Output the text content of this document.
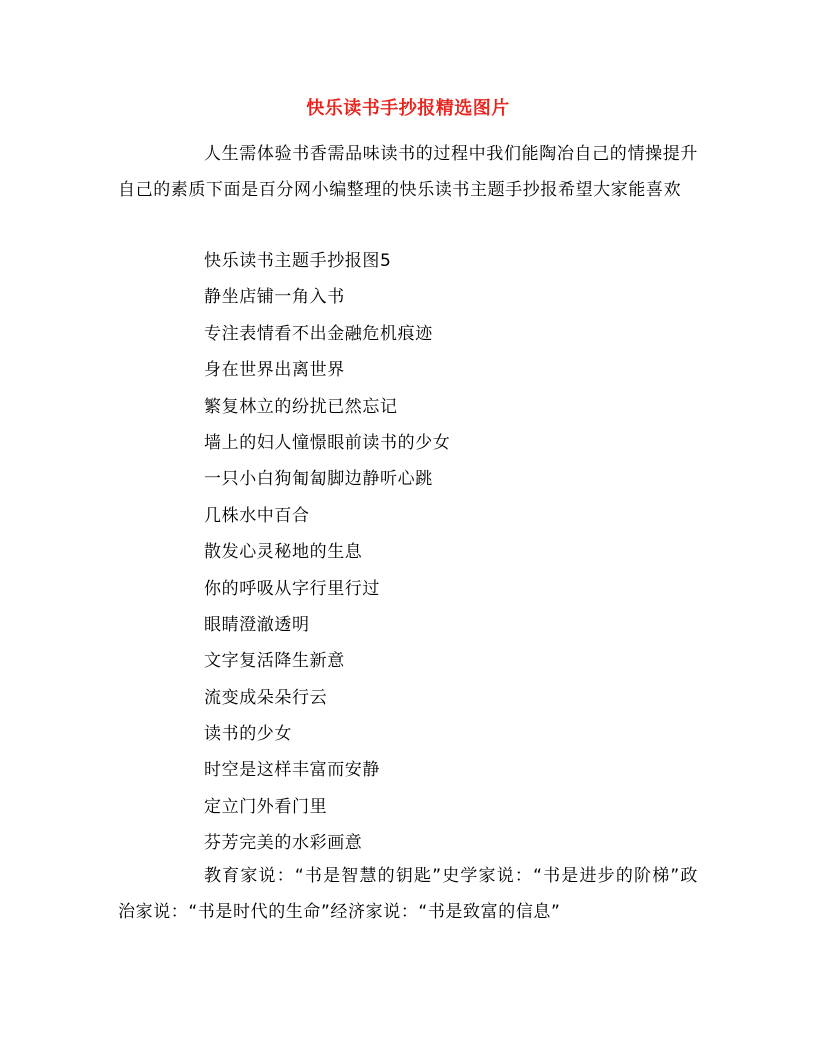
快乐读书手抄报精选图片

人生需体验书香需品味读书的过程中我们能陶冶自己的情操提升自己的素质下面是百分网小编整理的快乐读书主题手抄报希望大家能喜欢

快乐读书主题手抄报图5
静坐店铺一角入书
专注表情看不出金融危机痕迹
身在世界出离世界
繁复林立的纷扰已然忘记
墙上的妇人憧憬眼前读书的少女
一只小白狗匍匐脚边静听心跳
几株水中百合
散发心灵秘地的生息
你的呼吸从字行里行过
眼睛澄澈透明
文字复活降生新意
流变成朵朵行云
读书的少女
时空是这样丰富而安静
定立门外看门里
芬芳完美的水彩画意

教育家说：“书是智慧的钥匙”史学家说：“书是进步的阶梯”政治家说：“书是时代的生命”经济家说：“书是致富的信息”
